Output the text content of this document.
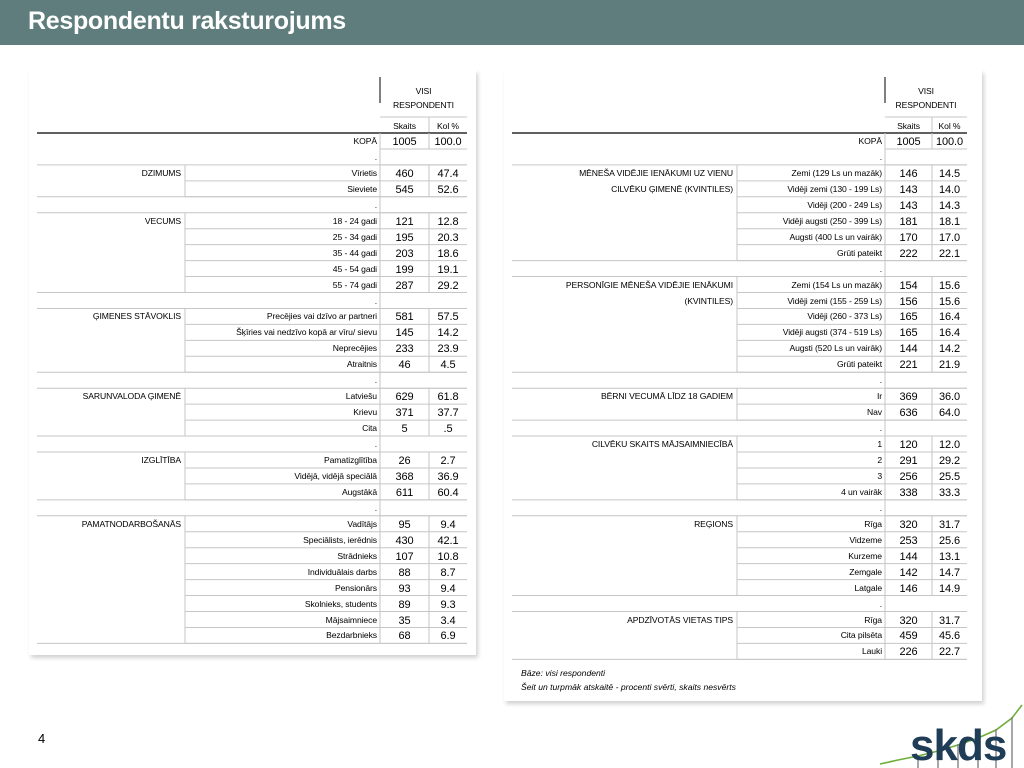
Respondentu raksturojums
VISI
RESPONDENTI
Skaits	Kol %
KOPĀ	1005	100.0
.
DZIMUMS	Vīrietis	460	47.4
Sieviete	545	52.6
.
VECUMS	18 - 24 gadi	121	12.8
25 - 34 gadi	195	20.3
35 - 44 gadi	203	18.6
45 - 54 gadi	199	19.1
55 - 74 gadi	287	29.2
.
ĢIMENES STĀVOKLIS	Precējies vai dzīvo ar partneri	581	57.5
Šķīries vai nedzīvo kopā ar vīru/ sievu	145	14.2
Neprecējies	233	23.9
Atraitnis	46	4.5
.
SARUNVALODA ĢIMENĒ	Latviešu	629	61.8
Krievu	371	37.7
Cita	5	.5
.
IZGLĪTĪBA	Pamatizglītība	26	2.7
Vidējā, vidējā speciālā	368	36.9
Augstākā	611	60.4
.
PAMATNODARBOŠANĀS	Vadītājs	95	9.4
Speciālists, ierēdnis	430	42.1
Strādnieks	107	10.8
Individuālais darbs	88	8.7
Pensionārs	93	9.4
Skolnieks, students	89	9.3
Mājsaimniece	35	3.4
Bezdarbnieks	68	6.9
VISI
RESPONDENTI
Skaits	Kol %
KOPĀ	1005	100.0
.
MĒNEŠA VIDĒJIE IENĀKUMI UZ VIENU
CILVĒKU ĢIMENĒ (KVINTILES)
Zemi (129 Ls un mazāk)	146	14.5
Vidēji zemi (130 - 199 Ls)	143	14.0
Vidēji (200 - 249 Ls)	143	14.3
Vidēji augsti (250 - 399 Ls)	181	18.1
Augsti (400 Ls un vairāk)	170	17.0
Grūti pateikt	222	22.1
.
PERSONĪGIE MĒNEŠA VIDĒJIE IENĀKUMI
(KVINTILES)
Zemi (154 Ls un mazāk)	154	15.6
Vidēji zemi (155 - 259 Ls)	156	15.6
Vidēji (260 - 373 Ls)	165	16.4
Vidēji augsti (374 - 519 Ls)	165	16.4
Augsti (520 Ls un vairāk)	144	14.2
Grūti pateikt	221	21.9
.
BĒRNI VECUMĀ LĪDZ 18 GADIEM	Ir	369	36.0
Nav	636	64.0
.
CILVĒKU SKAITS MĀJSAIMNIECĪBĀ	1	120	12.0
2	291	29.2
3	256	25.5
4 un vairāk	338	33.3
.
REĢIONS	Rīga	320	31.7
Vidzeme	253	25.6
Kurzeme	144	13.1
Zemgale	142	14.7
Latgale	146	14.9
.
APDZĪVOTĀS VIETAS TIPS	Rīga	320	31.7
Cita pilsēta	459	45.6
Lauki	226	22.7
Bāze: visi respondenti
Šeit un turpmāk atskaitē - procenti svērti, skaits nesvērts
4	skds
